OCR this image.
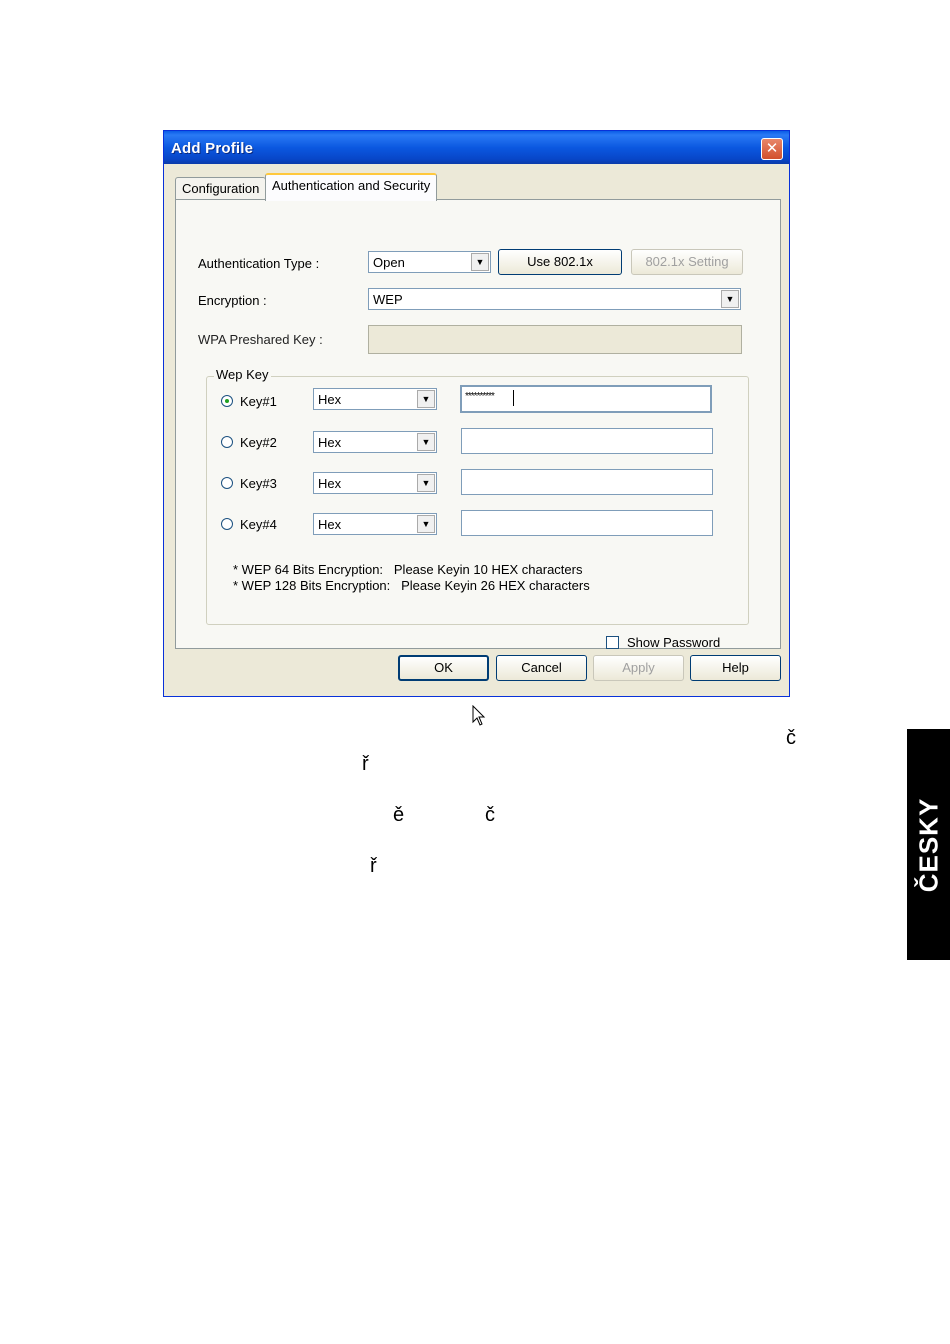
Add Profile	✕
Configuration Authentication and Security
Authentication Type :	Open	▼	Use 802.1x	802.1x Setting
Encryption :	WEP	▼
WPA Preshared Key :
Wep Key
Key#1	Hex	▼	**********
Key#2	Hex	▼
Key#3	Hex	▼
Key#4	Hex	▼
* WEP 64 Bits Encryption:   Please Keyin 10 HEX characters
* WEP 128 Bits Encryption:   Please Keyin 26 HEX characters
Show Password
OK	Cancel	Apply	Help
č
ř
ě	č
ř	ČESKY
